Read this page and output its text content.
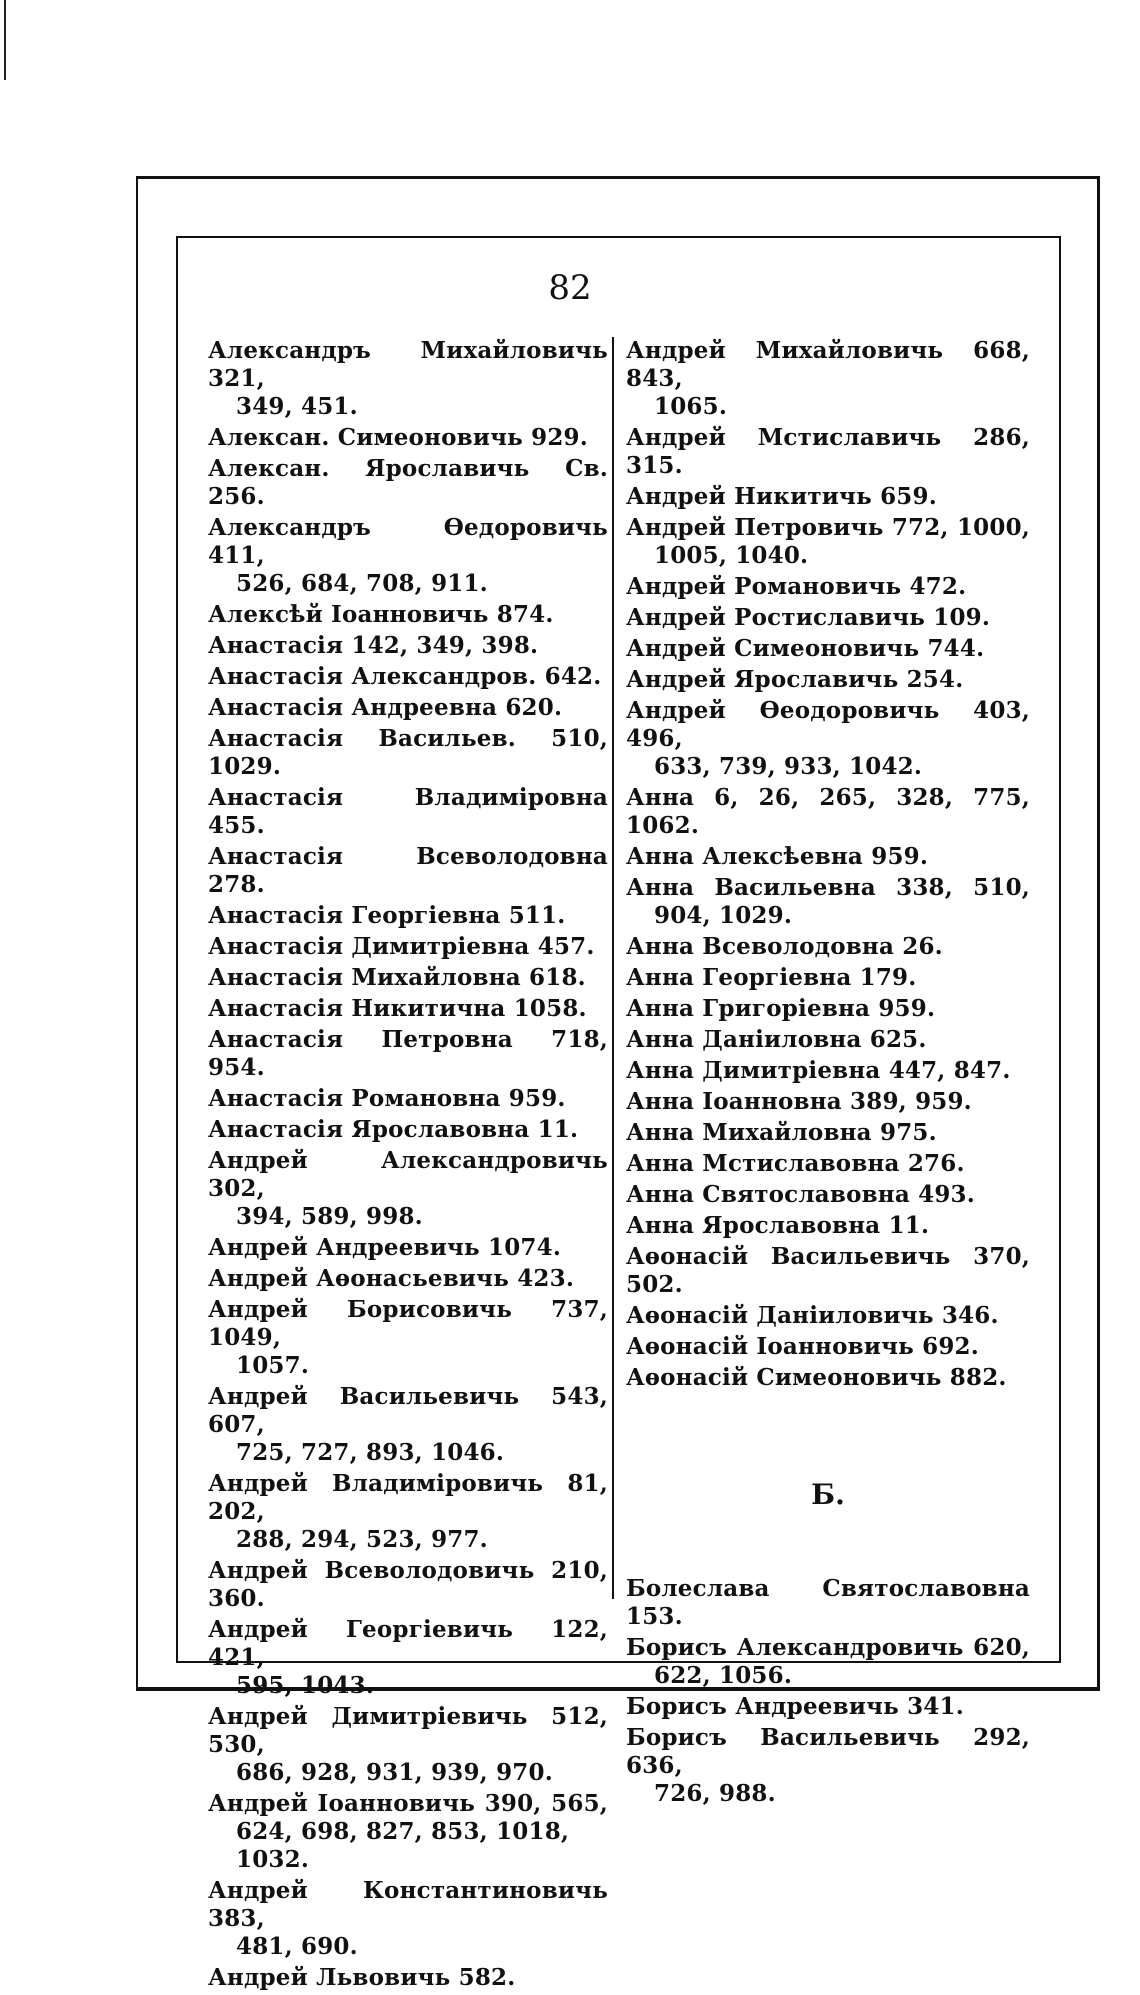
82
Александръ Михайловичь 321,
349, 451.
Алексан. Симеоновичь 929.
Алексан. Ярославичь Св. 256.
Александръ Өедоровичь 411,
526, 684, 708, 911.
Алексѣй Іоанновичь 874.
Анастасія 142, 349, 398.
Анастасія Александров. 642.
Анастасія Андреевна 620.
Анастасія Васильев. 510, 1029.
Анастасія Владиміровна 455.
Анастасія Всеволодовна 278.
Анастасія Георгіевна 511.
Анастасія Димитріевна 457.
Анастасія Михайловна 618.
Анастасія Никитична 1058.
Анастасія Петровна 718, 954.
Анастасія Романовна 959.
Анастасія Ярославовна 11.
Андрей Александровичь 302,
394, 589, 998.
Андрей Андреевичь 1074.
Андрей Аѳонасьевичь 423.
Андрей Борисовичь 737, 1049,
1057.
Андрей Васильевичь 543, 607,
725, 727, 893, 1046.
Андрей Владиміровичь 81, 202,
288, 294, 523, 977.
Андрей Всеволодовичь 210, 360.
Андрей Георгіевичь 122, 421,
595, 1043.
Андрей Димитріевичь 512, 530,
686, 928, 931, 939, 970.
Андрей Іоанновичь 390, 565,
624, 698, 827, 853, 1018,
1032.
Андрей Константиновичь 383,
481, 690.
Андрей Львовичь 582.
Андрей Михайловичь 668, 843,
1065.
Андрей Мстиславичь 286, 315.
Андрей Никитичь 659.
Андрей Петровичь 772, 1000,
1005, 1040.
Андрей Романовичь 472.
Андрей Ростиславичь 109.
Андрей Симеоновичь 744.
Андрей Ярославичь 254.
Андрей Өеодоровичь 403, 496,
633, 739, 933, 1042.
Анна 6, 26, 265, 328, 775, 1062.
Анна Алексѣевна 959.
Анна Васильевна 338, 510,
904, 1029.
Анна Всеволодовна 26.
Анна Георгіевна 179.
Анна Григоріевна 959.
Анна Даніиловна 625.
Анна Димитріевна 447, 847.
Анна Іоанновна 389, 959.
Анна Михайловна 975.
Анна Мстиславовна 276.
Анна Святославовна 493.
Анна Ярославовна 11.
Аѳонасій Васильевичь 370, 502.
Аѳонасій Даніиловичь 346.
Аѳонасій Іоанновичь 692.
Аѳонасій Симеоновичь 882.
Б.
Болеслава Святославовна 153.
Борисъ Александровичь 620,
622, 1056.
Борисъ Андреевичь 341.
Борисъ Васильевичь 292, 636,
726, 988.
